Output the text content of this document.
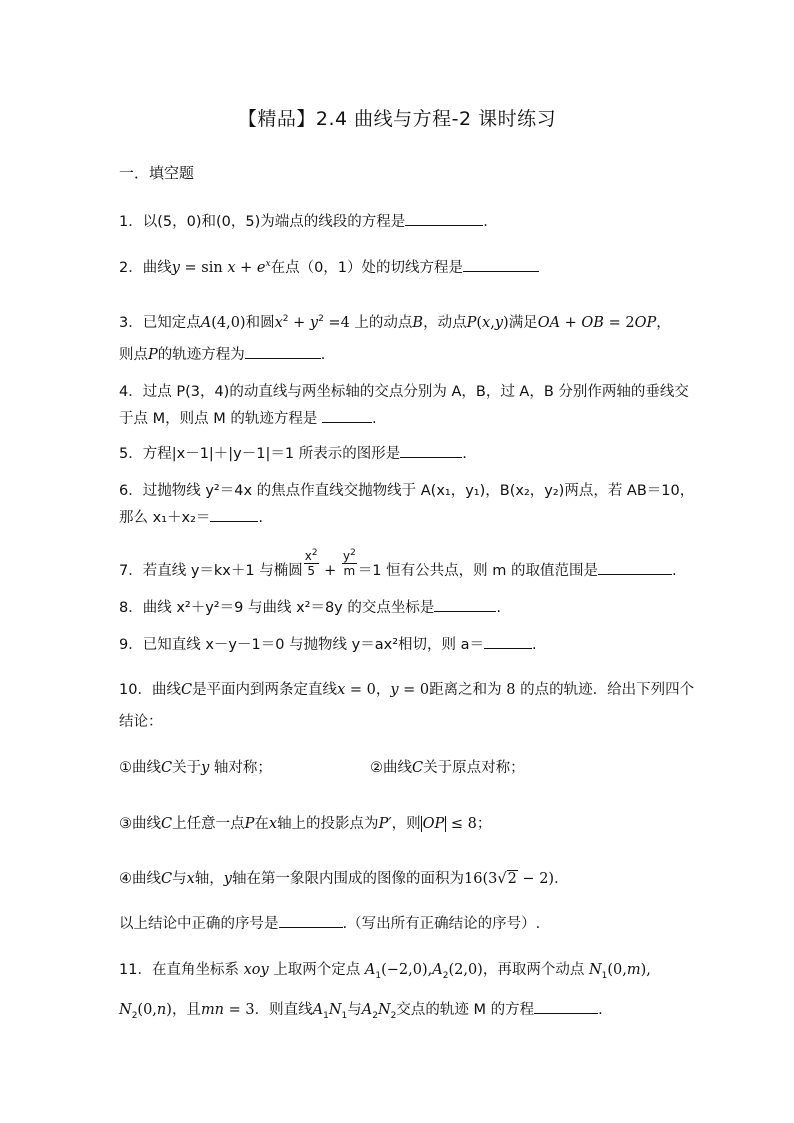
【精品】2.4 曲线与方程-2 课时练习
一．填空题
1．以(5，0)和(0，5)为端点的线段的方程是	．
2．曲线$y = \sin x + e^x$在点（0，1）处的切线方程是
3．已知定点A(4,0)和圆$x^2 + y^2 =4$ 上的动点B，动点P(x,y)满足OA + OB = 2OP，
则点P的轨迹方程为	.
4．过点 P(3，4)的动直线与两坐标轴的交点分别为 A，B，过 A，B 分别作两轴的垂线交
于点 M，则点 M 的轨迹方程是	.
5．方程|x－1|＋|y－1|＝1 所表示的图形是	.
6．过抛物线 y²＝4x 的焦点作直线交抛物线于 A(x₁，y₁)，B(x₂，y₂)两点，若 AB＝10，
那么 x₁＋x₂＝	.
7．若直线 y＝kx＋1 与椭圆 $\frac{x^2}{5} + \frac{y^2}{m} =1$ 恒有公共点，则 m 的取值范围是	.
8．曲线 x²＋y²＝9 与曲线 x²＝8y 的交点坐标是	.
9．已知直线 x－y－1＝0 与抛物线 y＝ax²相切，则 a＝	.
10．曲线C是平面内到两条定直线x = 0，y = 0距离之和为 8 的点的轨迹．给出下列四个
结论：
①曲线C关于y 轴对称；	②曲线C关于原点对称；
③曲线C上任意一点P在x轴上的投影点为P′，则 OP ≤ 8；
④曲线C与x轴，y轴在第一象限内围成的图像的面积为16(3√2 − 2)．
以上结论中正确的序号是	.（写出所有正确结论的序号）.
11．在直角坐标系 xoy 上取两个定点 $A_1(-2,0),A_2(2,0)$，再取两个动点 $N_1(0,m)$,
$N_2(0,n)$，且mn = 3．则直线$A_1N_1$与$A_2N_2$交点的轨迹 M 的方程	.
